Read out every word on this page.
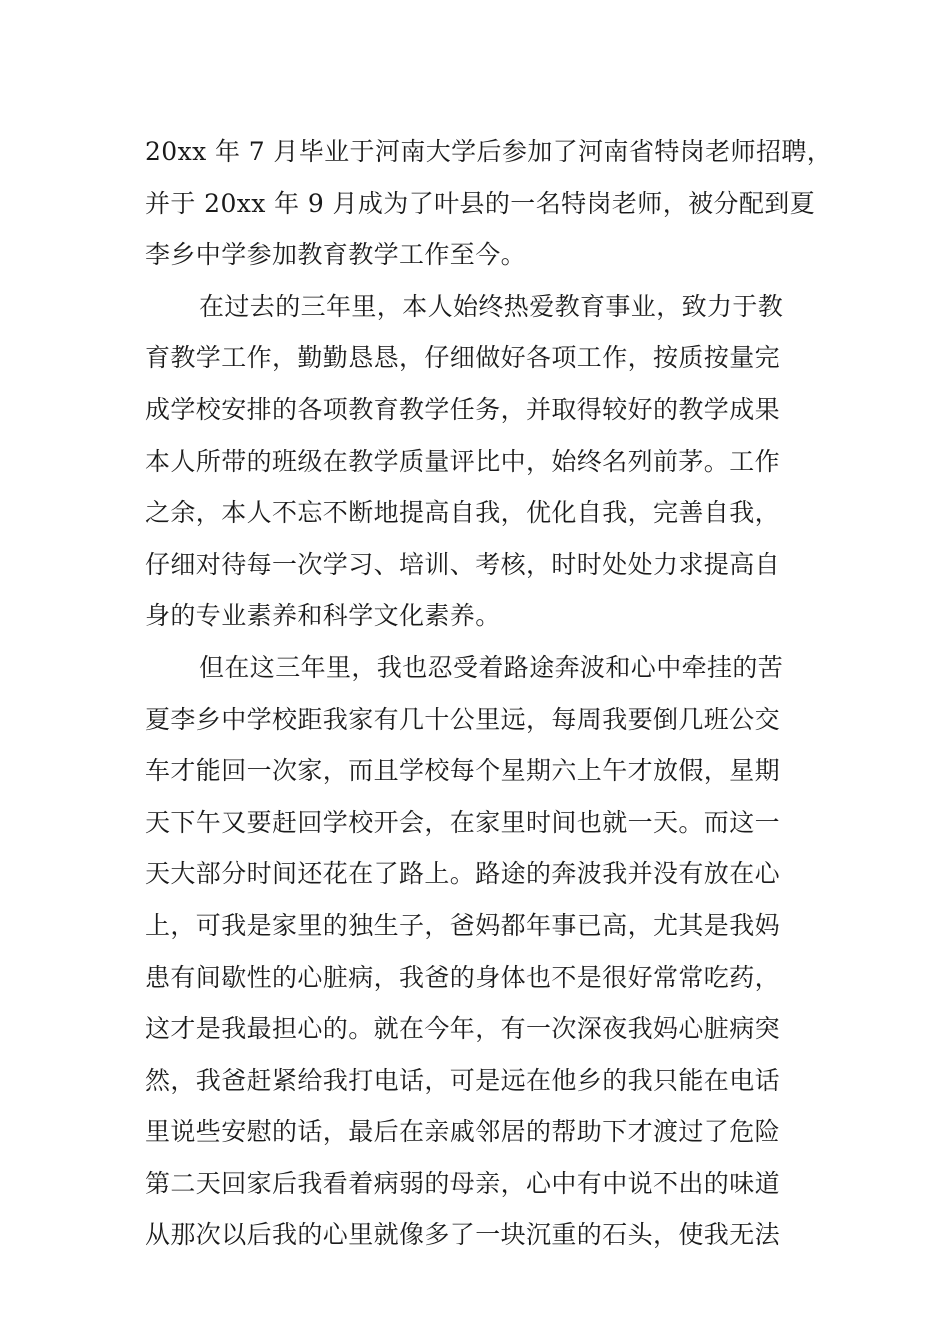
20xx 年 7 月毕业于河南大学后参加了河南省特岗老师招聘，
并于 20xx 年 9 月成为了叶县的一名特岗老师，被分配到夏
李乡中学参加教育教学工作至今。
在过去的三年里，本人始终热爱教育事业，致力于教
育教学工作，勤勤恳恳，仔细做好各项工作，按质按量完
成学校安排的各项教育教学任务，并取得较好的教学成果
本人所带的班级在教学质量评比中，始终名列前茅。工作
之余，本人不忘不断地提高自我，优化自我，完善自我，
仔细对待每一次学习、培训、考核，时时处处力求提高自
身的专业素养和科学文化素养。
但在这三年里，我也忍受着路途奔波和心中牵挂的苦
夏李乡中学校距我家有几十公里远，每周我要倒几班公交
车才能回一次家，而且学校每个星期六上午才放假，星期
天下午又要赶回学校开会，在家里时间也就一天。而这一
天大部分时间还花在了路上。路途的奔波我并没有放在心
上，可我是家里的独生子，爸妈都年事已高，尤其是我妈
患有间歇性的心脏病，我爸的身体也不是很好常常吃药，
这才是我最担心的。就在今年，有一次深夜我妈心脏病突
然，我爸赶紧给我打电话，可是远在他乡的我只能在电话
里说些安慰的话，最后在亲戚邻居的帮助下才渡过了危险
第二天回家后我看着病弱的母亲，心中有中说不出的味道
从那次以后我的心里就像多了一块沉重的石头，使我无法
